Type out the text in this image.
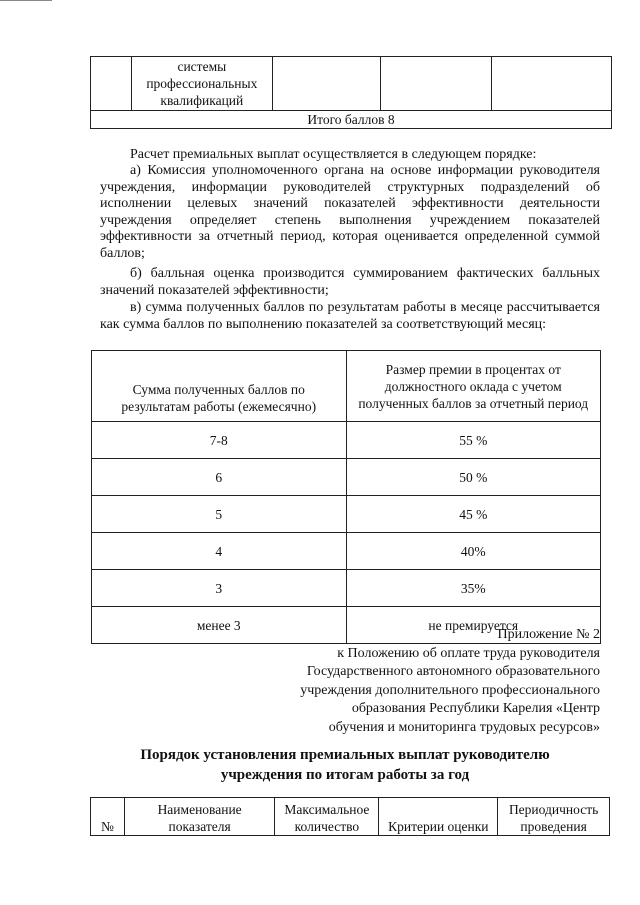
	системы профессиональных квалификаций			
Итого баллов 8
Расчет премиальных выплат осуществляется в следующем порядке:
а) Комиссия уполномоченного органа на основе информации руководителя учреждения, информации руководителей структурных подразделений об исполнении целевых значений показателей эффективности деятельности учреждения определяет степень выполнения учреждением показателей эффективности за отчетный период, которая оценивается определенной суммой баллов;
б) балльная оценка производится суммированием фактических балльных значений показателей эффективности;
в) сумма полученных баллов по результатам работы в месяце рассчитывается как сумма баллов по выполнению показателей за соответствующий месяц:
Сумма полученных баллов по результатам работы (ежемесячно)	Размер премии в процентах от должностного оклада с учетом полученных баллов за отчетный период
7-8	55 %
6	50 %
5	45 %
4	40%
3	35%
менее 3	не премируется
Приложение № 2
к Положению об оплате труда руководителя
Государственного автономного образовательного
учреждения дополнительного профессионального
образования Республики Карелия «Центр
обучения и мониторинга трудовых ресурсов»
Порядок установления премиальных выплат руководителю
учреждения по итогам работы за год
№	Наименование показателя	Максимальное количество	Критерии оценки	Периодичность проведения
